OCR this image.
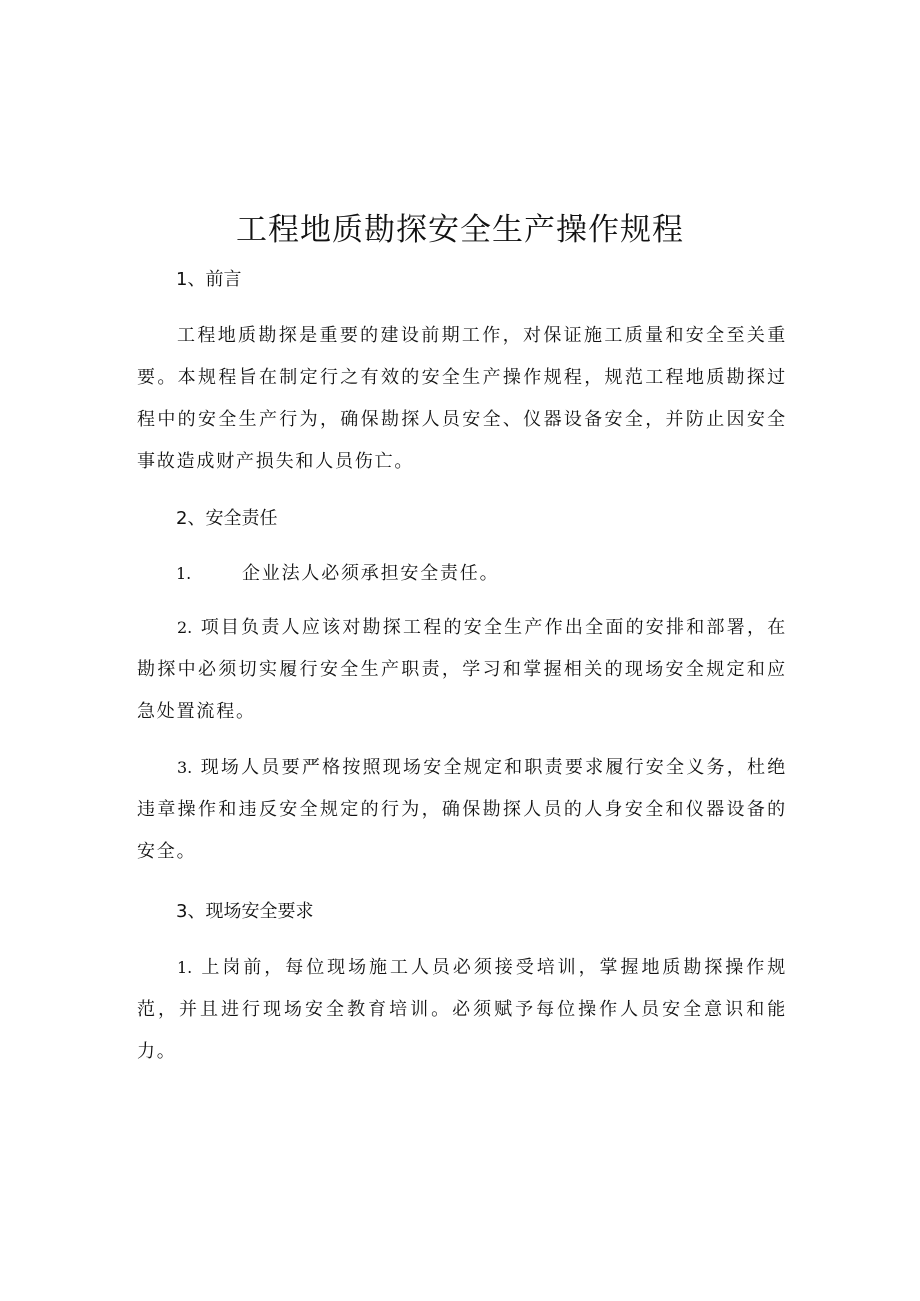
工程地质勘探安全生产操作规程
1、前言

工程地质勘探是重要的建设前期工作，对保证施工质量和安全至关重要。本规程旨在制定行之有效的安全生产操作规程，规范工程地质勘探过程中的安全生产行为，确保勘探人员安全、仪器设备安全，并防止因安全事故造成财产损失和人员伤亡。

2、安全责任

1.	企业法人必须承担安全责任。

2. 项目负责人应该对勘探工程的安全生产作出全面的安排和部署，在勘探中必须切实履行安全生产职责，学习和掌握相关的现场安全规定和应急处置流程。

3. 现场人员要严格按照现场安全规定和职责要求履行安全义务，杜绝违章操作和违反安全规定的行为，确保勘探人员的人身安全和仪器设备的安全。

3、现场安全要求

1. 上岗前，每位现场施工人员必须接受培训，掌握地质勘探操作规范，并且进行现场安全教育培训。必须赋予每位操作人员安全意识和能力。
